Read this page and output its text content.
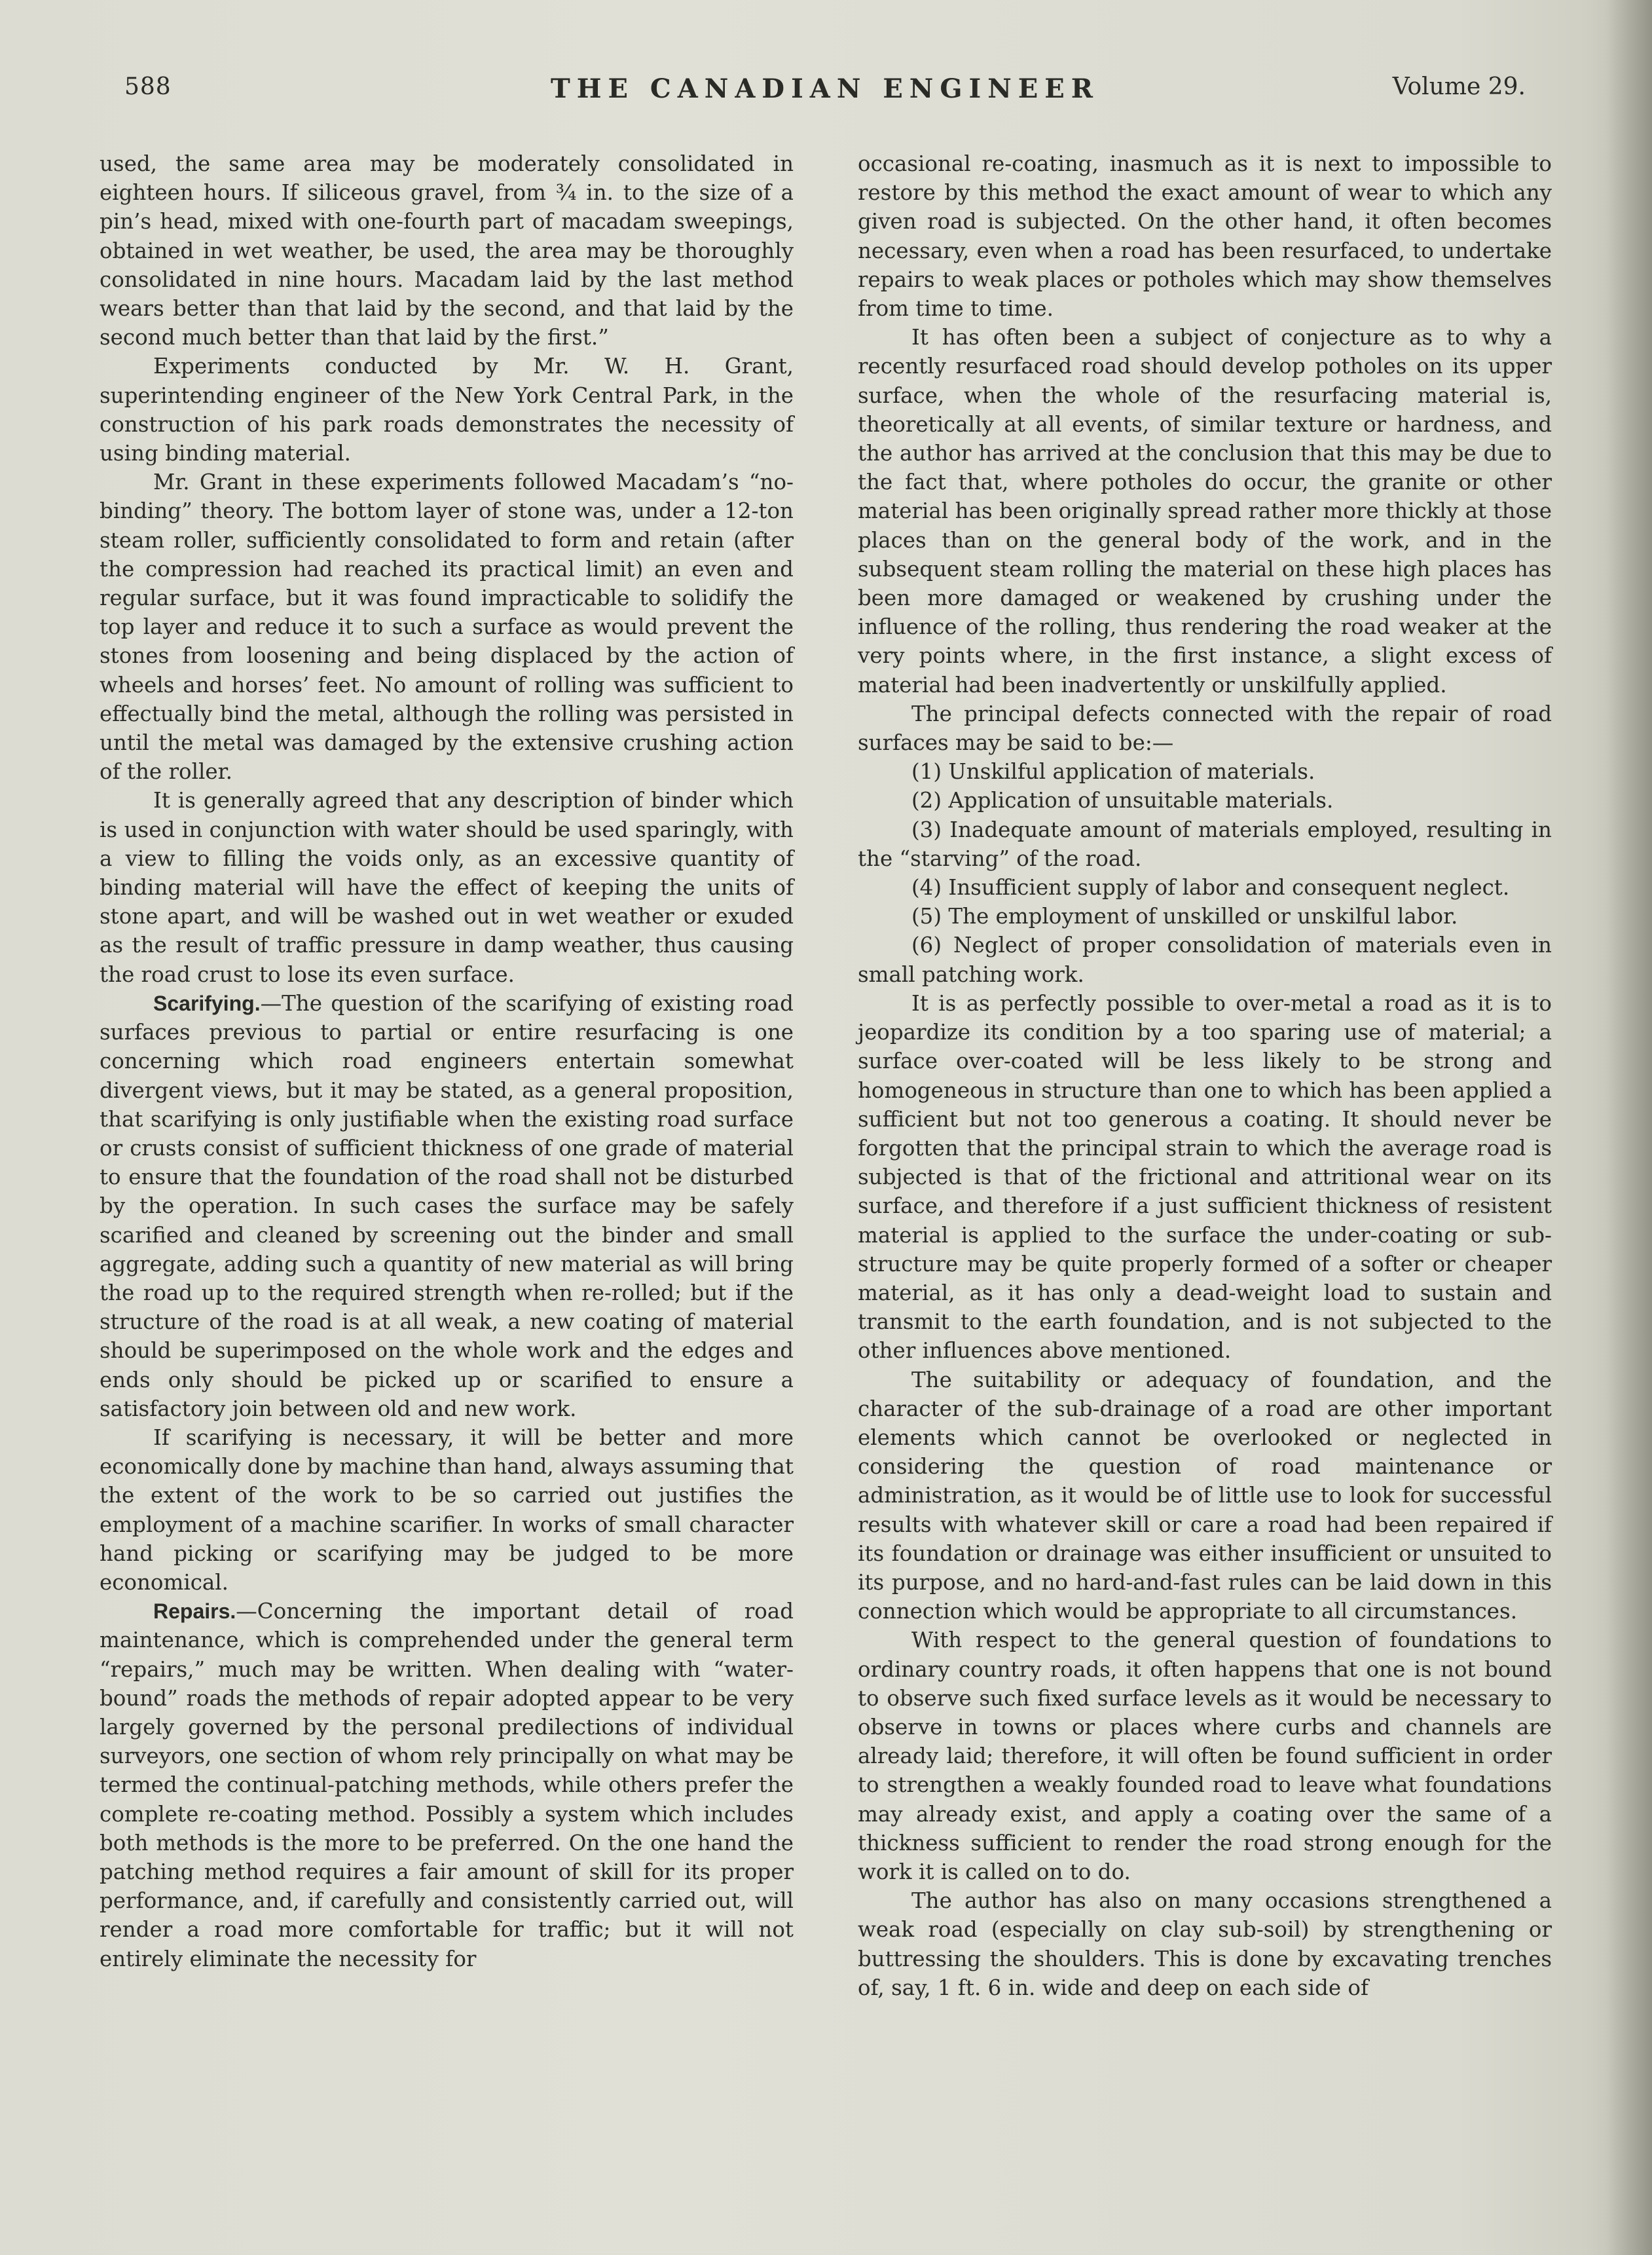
588	THE CANADIAN ENGINEER	Volume 29.

used, the same area may be moderately consolidated in eighteen hours. If siliceous gravel, from ¾ in. to the size of a pin’s head, mixed with one-fourth part of macadam sweepings, obtained in wet weather, be used, the area may be thoroughly consolidated in nine hours. Macadam laid by the last method wears better than that laid by the second, and that laid by the second much better than that laid by the first.”

Experiments conducted by Mr. W. H. Grant, superintending engineer of the New York Central Park, in the construction of his park roads demonstrates the necessity of using binding material.

Mr. Grant in these experiments followed Macadam’s “no-binding” theory. The bottom layer of stone was, under a 12-ton steam roller, sufficiently consolidated to form and retain (after the compression had reached its practical limit) an even and regular surface, but it was found impracticable to solidify the top layer and reduce it to such a surface as would prevent the stones from loosening and being displaced by the action of wheels and horses’ feet. No amount of rolling was sufficient to effectually bind the metal, although the rolling was persisted in until the metal was damaged by the extensive crushing action of the roller.

It is generally agreed that any description of binder which is used in conjunction with water should be used sparingly, with a view to filling the voids only, as an excessive quantity of binding material will have the effect of keeping the units of stone apart, and will be washed out in wet weather or exuded as the result of traffic pressure in damp weather, thus causing the road crust to lose its even surface.

Scarifying.—The question of the scarifying of existing road surfaces previous to partial or entire resurfacing is one concerning which road engineers entertain somewhat divergent views, but it may be stated, as a general proposition, that scarifying is only justifiable when the existing road surface or crusts consist of sufficient thickness of one grade of material to ensure that the foundation of the road shall not be disturbed by the operation. In such cases the surface may be safely scarified and cleaned by screening out the binder and small aggregate, adding such a quantity of new material as will bring the road up to the required strength when re-rolled; but if the structure of the road is at all weak, a new coating of material should be superimposed on the whole work and the edges and ends only should be picked up or scarified to ensure a satisfactory join between old and new work.

If scarifying is necessary, it will be better and more economically done by machine than hand, always assuming that the extent of the work to be so carried out justifies the employment of a machine scarifier. In works of small character hand picking or scarifying may be judged to be more economical.

Repairs.—Concerning the important detail of road maintenance, which is comprehended under the general term “repairs,” much may be written. When dealing with “water-bound” roads the methods of repair adopted appear to be very largely governed by the personal predilections of individual surveyors, one section of whom rely principally on what may be termed the continual-patching methods, while others prefer the complete re-coating method. Possibly a system which includes both methods is the more to be preferred. On the one hand the patching method requires a fair amount of skill for its proper performance, and, if carefully and consistently carried out, will render a road more comfortable for traffic; but it will not entirely eliminate the necessity for

occasional re-coating, inasmuch as it is next to impossible to restore by this method the exact amount of wear to which any given road is subjected. On the other hand, it often becomes necessary, even when a road has been resurfaced, to undertake repairs to weak places or potholes which may show themselves from time to time.

It has often been a subject of conjecture as to why a recently resurfaced road should develop potholes on its upper surface, when the whole of the resurfacing material is, theoretically at all events, of similar texture or hardness, and the author has arrived at the conclusion that this may be due to the fact that, where potholes do occur, the granite or other material has been originally spread rather more thickly at those places than on the general body of the work, and in the subsequent steam rolling the material on these high places has been more damaged or weakened by crushing under the influence of the rolling, thus rendering the road weaker at the very points where, in the first instance, a slight excess of material had been inadvertently or unskilfully applied.

The principal defects connected with the repair of road surfaces may be said to be:—

(1) Unskilful application of materials.

(2) Application of unsuitable materials.

(3) Inadequate amount of materials employed, resulting in the “starving” of the road.

(4) Insufficient supply of labor and consequent neglect.

(5) The employment of unskilled or unskilful labor.

(6) Neglect of proper consolidation of materials even in small patching work.

It is as perfectly possible to over-metal a road as it is to jeopardize its condition by a too sparing use of material; a surface over-coated will be less likely to be strong and homogeneous in structure than one to which has been applied a sufficient but not too generous a coating. It should never be forgotten that the principal strain to which the average road is subjected is that of the frictional and attritional wear on its surface, and therefore if a just sufficient thickness of resistent material is applied to the surface the under-coating or sub-structure may be quite properly formed of a softer or cheaper material, as it has only a dead-weight load to sustain and transmit to the earth foundation, and is not subjected to the other influences above mentioned.

The suitability or adequacy of foundation, and the character of the sub-drainage of a road are other important elements which cannot be overlooked or neglected in considering the question of road maintenance or administration, as it would be of little use to look for successful results with whatever skill or care a road had been repaired if its foundation or drainage was either insufficient or unsuited to its purpose, and no hard-and-fast rules can be laid down in this connection which would be appropriate to all circumstances.

With respect to the general question of foundations to ordinary country roads, it often happens that one is not bound to observe such fixed surface levels as it would be necessary to observe in towns or places where curbs and channels are already laid; therefore, it will often be found sufficient in order to strengthen a weakly founded road to leave what foundations may already exist, and apply a coating over the same of a thickness sufficient to render the road strong enough for the work it is called on to do.

The author has also on many occasions strengthened a weak road (especially on clay sub-soil) by strengthening or buttressing the shoulders. This is done by excavating trenches of, say, 1 ft. 6 in. wide and deep on each side of
